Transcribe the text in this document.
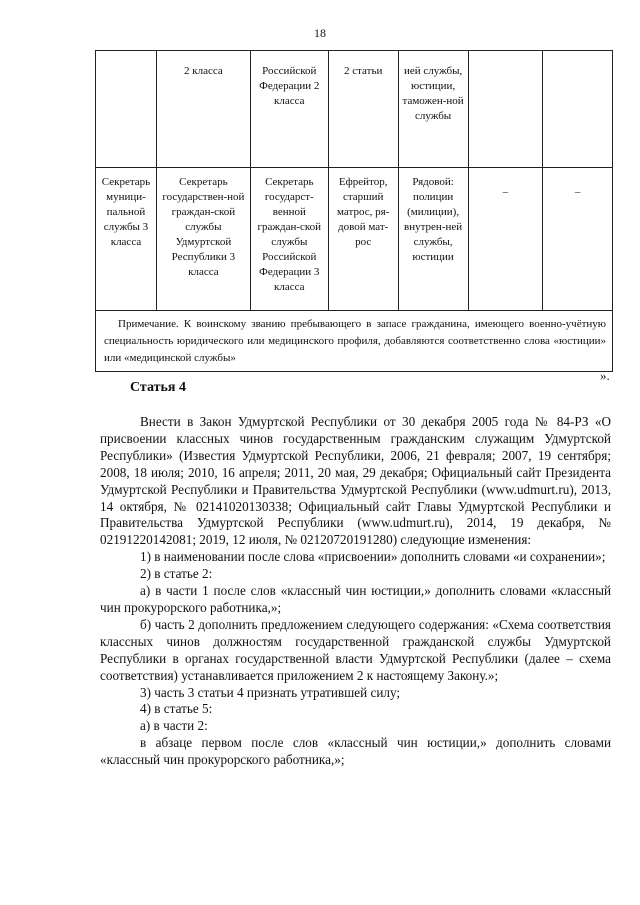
18
	2 класса	Российской Федерации 2 класса	2 статьи	ией службы, юстиции, таможен-ной службы		
Секретарь муници-пальной службы 3 класса	Секретарь государствен-ной граждан-ской службы Удмуртской Республики 3 класса	Секретарь государст-венной граждан-ской службы Российской Федерации 3 класса	Ефрейтор, старший матрос, ря-довой мат-рос	Рядовой: полиции (милиции), внутрен-ней службы, юстиции	–	–
Примечание. К воинскому званию пребывающего в запасе гражданина, имеющего военно-учётную специальность юридического или медицинского профиля, добавляются соответственно слова «юстиции» или «медицинской службы»						
».
Статья 4

Внести в Закон Удмуртской Республики от 30 декабря 2005 года № 84-РЗ «О присвоении классных чинов государственным гражданским служащим Удмуртской Республики» (Известия Удмуртской Республики, 2006, 21 февраля; 2007, 19 сентября; 2008, 18 июля; 2010, 16 апреля; 2011, 20 мая, 29 декабря; Официальный сайт Президента Удмуртской Республики и Правительства Удмуртской Республики (www.udmurt.ru), 2013, 14 октября, № 02141020130338; Официальный сайт Главы Удмуртской Республики и Правительства Удмуртской Республики (www.udmurt.ru), 2014, 19 декабря, № 02191220142081; 2019, 12 июля, № 02120720191280) следующие изменения:

1) в наименовании после слова «присвоении» дополнить словами «и сохранении»;

2) в статье 2:

а) в части 1 после слов «классный чин юстиции,» дополнить словами «классный чин прокурорского работника,»;

б) часть 2 дополнить предложением следующего содержания: «Схема соответствия классных чинов должностям государственной гражданской службы Удмуртской Республики в органах государственной власти Удмуртской Республики (далее – схема соответствия) устанавливается приложением 2 к настоящему Закону.»;

3) часть 3 статьи 4 признать утратившей силу;

4) в статье 5:

а) в части 2:

в абзаце первом после слов «классный чин юстиции,» дополнить словами «классный чин прокурорского работника,»;
